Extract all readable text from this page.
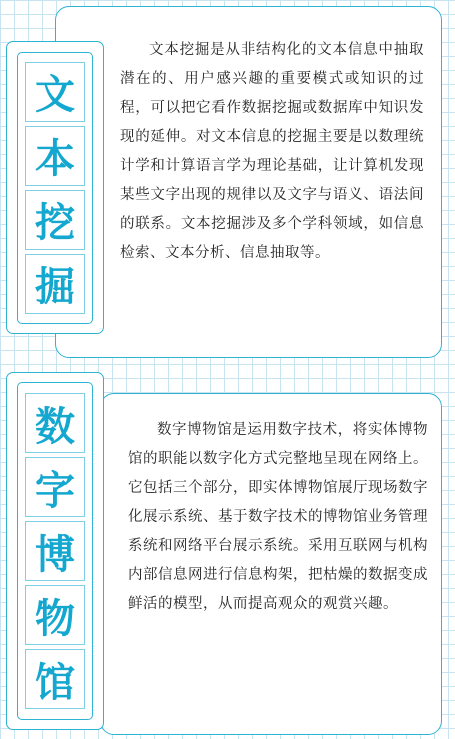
文
本
挖
掘

文本挖掘是从非结构化的文本信息中抽取潜在的、用户感兴趣的重要模式或知识的过程，可以把它看作数据挖掘或数据库中知识发现的延伸。对文本信息的挖掘主要是以数理统计学和计算语言学为理论基础，让计算机发现某些文字出现的规律以及文字与语义、语法间的联系。文本挖掘涉及多个学科领域，如信息检索、文本分析、信息抽取等。

数
字
博
物
馆

数字博物馆是运用数字技术，将实体博物馆的职能以数字化方式完整地呈现在网络上。它包括三个部分，即实体博物馆展厅现场数字化展示系统、基于数字技术的博物馆业务管理系统和网络平台展示系统。采用互联网与机构内部信息网进行信息构架，把枯燥的数据变成鲜活的模型，从而提高观众的观赏兴趣。
